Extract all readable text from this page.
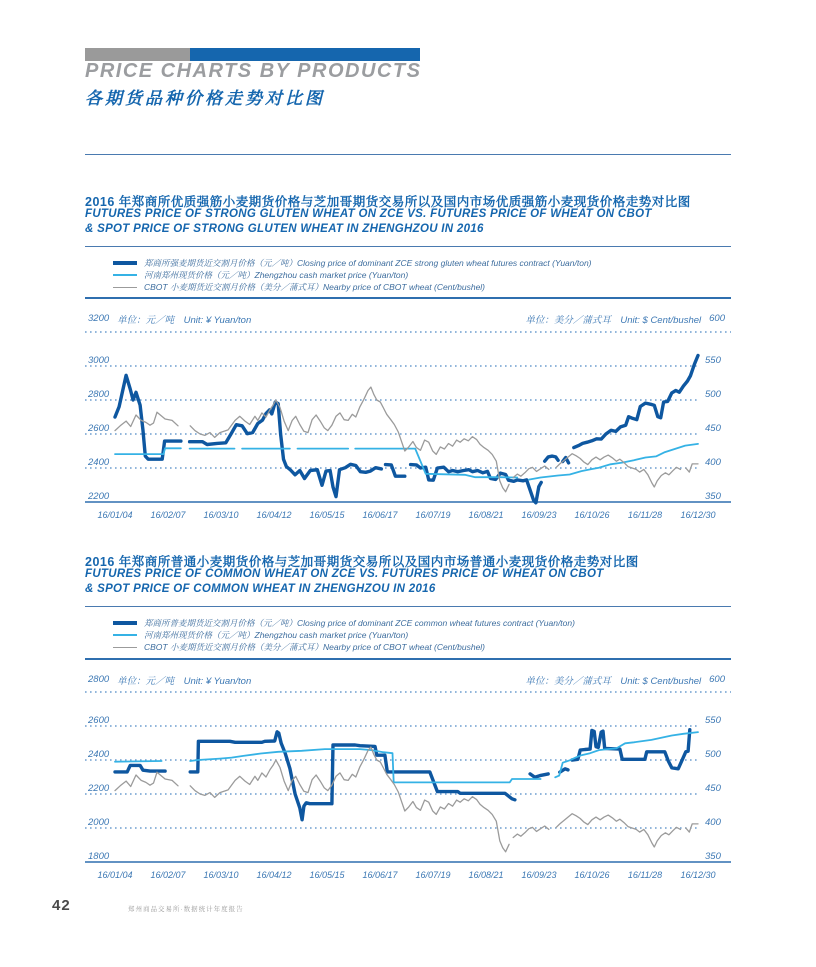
PRICE CHARTS BY PRODUCTS
各期货品种价格走势对比图
2016 年郑商所优质强筋小麦期货价格与芝加哥期货交易所以及国内市场优质强筋小麦现货价格走势对比图
FUTURES PRICE OF STRONG GLUTEN WHEAT ON ZCE VS. FUTURES PRICE OF WHEAT ON CBOT
& SPOT PRICE OF STRONG GLUTEN WHEAT IN ZHENGHZOU IN 2016
郑商所强麦期货近交割月价格（元／吨）Closing price of dominant ZCE strong gluten wheat futures contract (Yuan/ton)
河南郑州现货价格（元／吨）Zhengzhou cash market price (Yuan/ton)
CBOT 小麦期货近交割月价格（美分／蒲式耳）Nearby price of CBOT wheat (Cent/bushel)
3200 单位：元／吨　Unit: ¥ Yuan/ton	单位：美分／蒲式耳　Unit: $ Cent/bushel 600
3000	550
2800	500
2600	450
2400	400
2200	350
16/01/04 16/02/07 16/03/10 16/04/12 16/05/15 16/06/17 16/07/19 16/08/21 16/09/23 16/10/26 16/11/28 16/12/30
2016 年郑商所普通小麦期货价格与芝加哥期货交易所以及国内市场普通小麦现货价格走势对比图
FUTURES PRICE OF COMMON WHEAT ON ZCE VS. FUTURES PRICE OF WHEAT ON CBOT
& SPOT PRICE OF COMMON WHEAT IN ZHENGHZOU IN 2016
郑商所普麦期货近交割月价格（元／吨）Closing price of dominant ZCE common wheat futures contract (Yuan/ton)
河南郑州现货价格（元／吨）Zhengzhou cash market price (Yuan/ton)
CBOT 小麦期货近交割月价格（美分／蒲式耳）Nearby price of CBOT wheat (Cent/bushel)
2800 单位：元／吨　Unit: ¥ Yuan/ton	单位：美分／蒲式耳　Unit: $ Cent/bushel 600
2600	550
2400	500
2200	450
2000	400
1800	350
16/01/04 16/02/07 16/03/10 16/04/12 16/05/15 16/06/17 16/07/19 16/08/21 16/09/23 16/10/26 16/11/28 16/12/30
42	郑州商品交易所·数据统计年度报告
